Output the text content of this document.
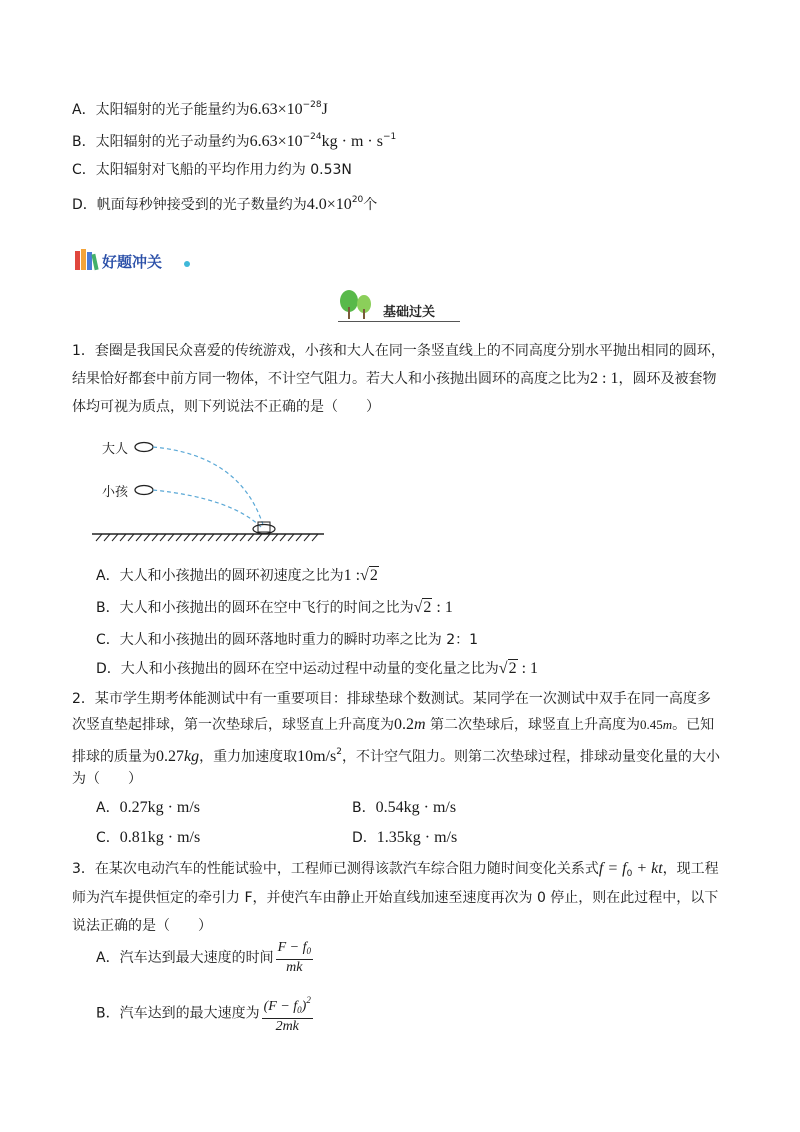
A．太阳辐射的光子能量约为$6.63\times 10^{-28}J$
B．太阳辐射的光子动量约为$6.63\times 10^{-24}kg \cdot m \cdot s^{-1}$
C．太阳辐射对飞船的平均作用力约为 0.53N
D．帆面每秒钟接受到的光子数量约为$4.0\times 10^{20}$个
好题冲关
基础过关
1．套圈是我国民众喜爱的传统游戏，小孩和大人在同一条竖直线上的不同高度分别水平抛出相同的圆环，
结果恰好都套中前方同一物体，不计空气阻力。若大人和小孩抛出圆环的高度之比为2 : 1，圆环及被套物
体均可视为质点，则下列说法不正确的是（　　）
大人
小孩
A．大人和小孩抛出的圆环初速度之比为1 :√2
B．大人和小孩抛出的圆环在空中飞行的时间之比为√2 : 1
C．大人和小孩抛出的圆环落地时重力的瞬时功率之比为 2：1
D．大人和小孩抛出的圆环在空中运动过程中动量的变化量之比为√2 : 1
2．某市学生期考体能测试中有一重要项目：排球垫球个数测试。某同学在一次测试中双手在同一高度多
次竖直垫起排球，第一次垫球后，球竖直上升高度为0.2m 第二次垫球后，球竖直上升高度为0.45m。已知
排球的质量为0.27kg，重力加速度取$10m/s^2$，不计空气阻力。则第二次垫球过程，排球动量变化量的大小
为（　　）
A．0.27kg · m/s	B．0.54kg · m/s
C．0.81kg · m/s	D．1.35kg · m/s
3．在某次电动汽车的性能试验中，工程师已测得该款汽车综合阻力随时间变化关系式$f = f_0$ + kt，现工程
师为汽车提供恒定的牵引力 F，并使汽车由静止开始直线加速至速度再次为 0 停止，则在此过程中，以下
说法正确的是（　　）
A．汽车达到最大速度的时间 $\frac{F - f_0}{mk}$
B．汽车达到的最大速度为 $\frac{(F - f_0)^2}{2mk}$
